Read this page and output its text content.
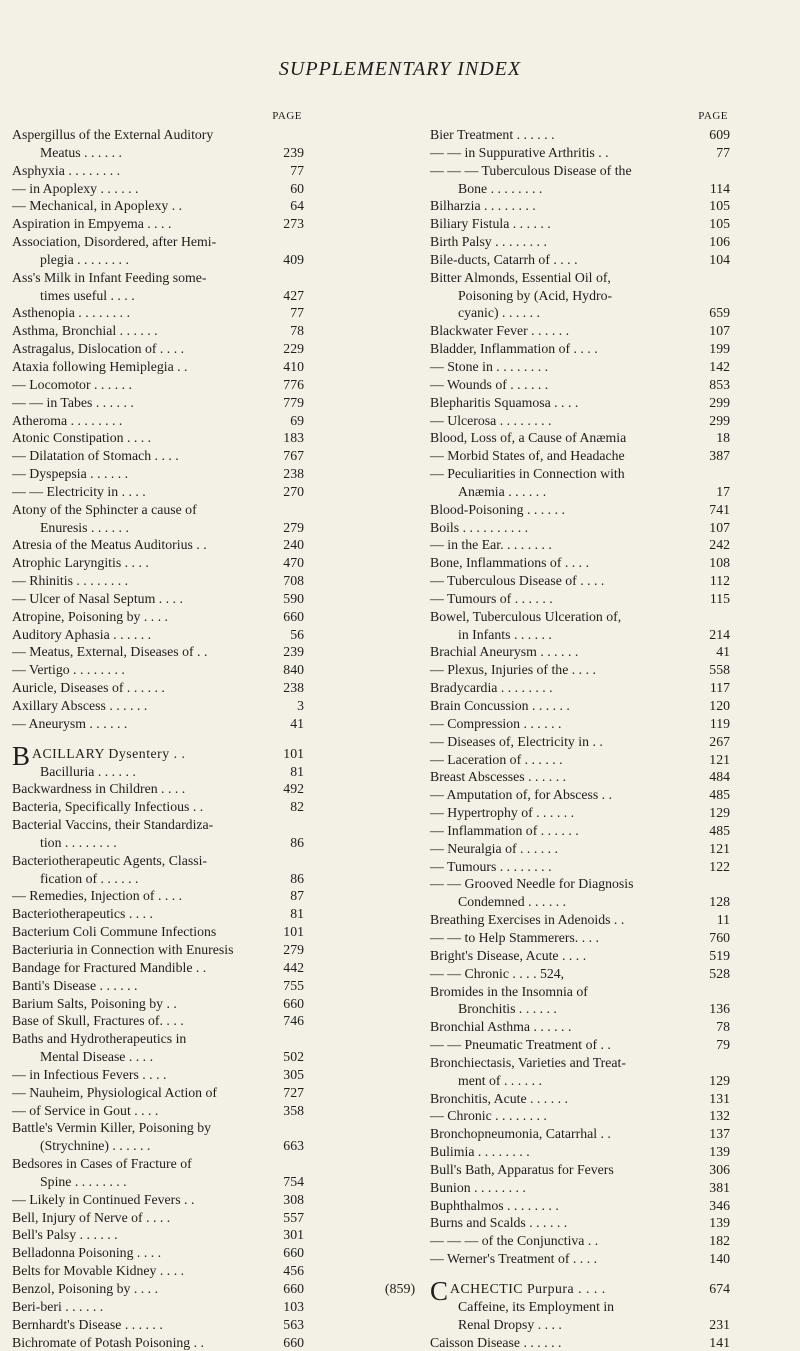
SUPPLEMENTARY INDEX
PAGE
Aspergillus of the External Auditory
Meatus . . . . . .	239
Asphyxia . . . . . . . .	77
— in Apoplexy . . . . . .	60
— Mechanical, in Apoplexy . .	64
Aspiration in Empyema . . . .	273
Association, Disordered, after Hemi-
plegia . . . . . . . .	409
Ass's Milk in Infant Feeding some-
times useful . . . .	427
Asthenopia . . . . . . . .	77
Asthma, Bronchial . . . . . .	78
Astragalus, Dislocation of . . . .	229
Ataxia following Hemiplegia . .	410
— Locomotor . . . . . .	776
— — in Tabes . . . . . .	779
Atheroma . . . . . . . .	69
Atonic Constipation . . . .	183
— Dilatation of Stomach . . . .	767
— Dyspepsia . . . . . .	238
— — Electricity in . . . .	270
Atony of the Sphincter a cause of
Enuresis . . . . . .	279
Atresia of the Meatus Auditorius . .	240
Atrophic Laryngitis . . . .	470
— Rhinitis . . . . . . . .	708
— Ulcer of Nasal Septum . . . .	590
Atropine, Poisoning by . . . .	660
Auditory Aphasia . . . . . .	56
— Meatus, External, Diseases of . .	239
— Vertigo . . . . . . . .	840
Auricle, Diseases of . . . . . .	238
Axillary Abscess . . . . . .	3
— Aneurysm . . . . . .	41
B ACILLARY Dysentery . .	101
Bacilluria . . . . . .	81
Backwardness in Children . . . .	492
Bacteria, Specifically Infectious . .	82
Bacterial Vaccins, their Standardiza-
tion . . . . . . . .	86
Bacteriotherapeutic Agents, Classi-
fication of . . . . . .	86
— Remedies, Injection of . . . .	87
Bacteriotherapeutics . . . .	81
Bacterium Coli Commune Infections	101
Bacteriuria in Connection with Enuresis	279
Bandage for Fractured Mandible . .	442
Banti's Disease . . . . . .	755
Barium Salts, Poisoning by . .	660
Base of Skull, Fractures of. . . .	746
Baths and Hydrotherapeutics in
Mental Disease . . . .	502
— in Infectious Fevers . . . .	305
— Nauheim, Physiological Action of	727
— of Service in Gout . . . .	358
Battle's Vermin Killer, Poisoning by
(Strychnine) . . . . . .	663
Bedsores in Cases of Fracture of
Spine . . . . . . . .	754
— Likely in Continued Fevers . .	308
Bell, Injury of Nerve of . . . .	557
Bell's Palsy . . . . . .	301
Belladonna Poisoning . . . .	660
Belts for Movable Kidney . . . .	456
Benzol, Poisoning by . . . .	660
Beri-beri . . . . . .	103
Bernhardt's Disease . . . . . .	563
Bichromate of Potash Poisoning . .	660
PAGE
Bier Treatment . . . . . .	609
— — in Suppurative Arthritis . .	77
— — — Tuberculous Disease of the
Bone . . . . . . . .	114
Bilharzia . . . . . . . .	105
Biliary Fistula . . . . . .	105
Birth Palsy . . . . . . . .	106
Bile-ducts, Catarrh of . . . .	104
Bitter Almonds, Essential Oil of,
Poisoning by (Acid, Hydro-
cyanic) . . . . . .	659
Blackwater Fever . . . . . .	107
Bladder, Inflammation of . . . .	199
— Stone in . . . . . . . .	142
— Wounds of . . . . . .	853
Blepharitis Squamosa . . . .	299
— Ulcerosa . . . . . . . .	299
Blood, Loss of, a Cause of Anæmia	18
— Morbid States of, and Headache	387
— Peculiarities in Connection with
Anæmia . . . . . .	17
Blood-Poisoning . . . . . .	741
Boils . . . . . . . . . .	107
— in the Ear. . . . . . . .	242
Bone, Inflammations of . . . .	108
— Tuberculous Disease of . . . .	112
— Tumours of . . . . . .	115
Bowel, Tuberculous Ulceration of,
in Infants . . . . . .	214
Brachial Aneurysm . . . . . .	41
— Plexus, Injuries of the . . . .	558
Bradycardia . . . . . . . .	117
Brain Concussion . . . . . .	120
— Compression . . . . . .	119
— Diseases of, Electricity in . .	267
— Laceration of . . . . . .	121
Breast Abscesses . . . . . .	484
— Amputation of, for Abscess . .	485
— Hypertrophy of . . . . . .	129
— Inflammation of . . . . . .	485
— Neuralgia of . . . . . .	121
— Tumours . . . . . . . .	122
— — Grooved Needle for Diagnosis
Condemned . . . . . .	128
Breathing Exercises in Adenoids . .	11
— — to Help Stammerers. . . .	760
Bright's Disease, Acute . . . .	519
— — Chronic . . . . 524,	528
Bromides in the Insomnia of
Bronchitis . . . . . .	136
Bronchial Asthma . . . . . .	78
— — Pneumatic Treatment of . .	79
Bronchiectasis, Varieties and Treat-
ment of . . . . . .	129
Bronchitis, Acute . . . . . .	131
— Chronic . . . . . . . .	132
Bronchopneumonia, Catarrhal . .	137
Bulimia . . . . . . . .	139
Bull's Bath, Apparatus for Fevers	306
Bunion . . . . . . . .	381
Buphthalmos . . . . . . . .	346
Burns and Scalds . . . . . .	139
— — — of the Conjunctiva . .	182
— Werner's Treatment of . . . .	140
C ACHECTIC Purpura . . . .	674
Caffeine, its Employment in
Renal Dropsy . . . .	231
Caisson Disease . . . . . .	141
(859)
